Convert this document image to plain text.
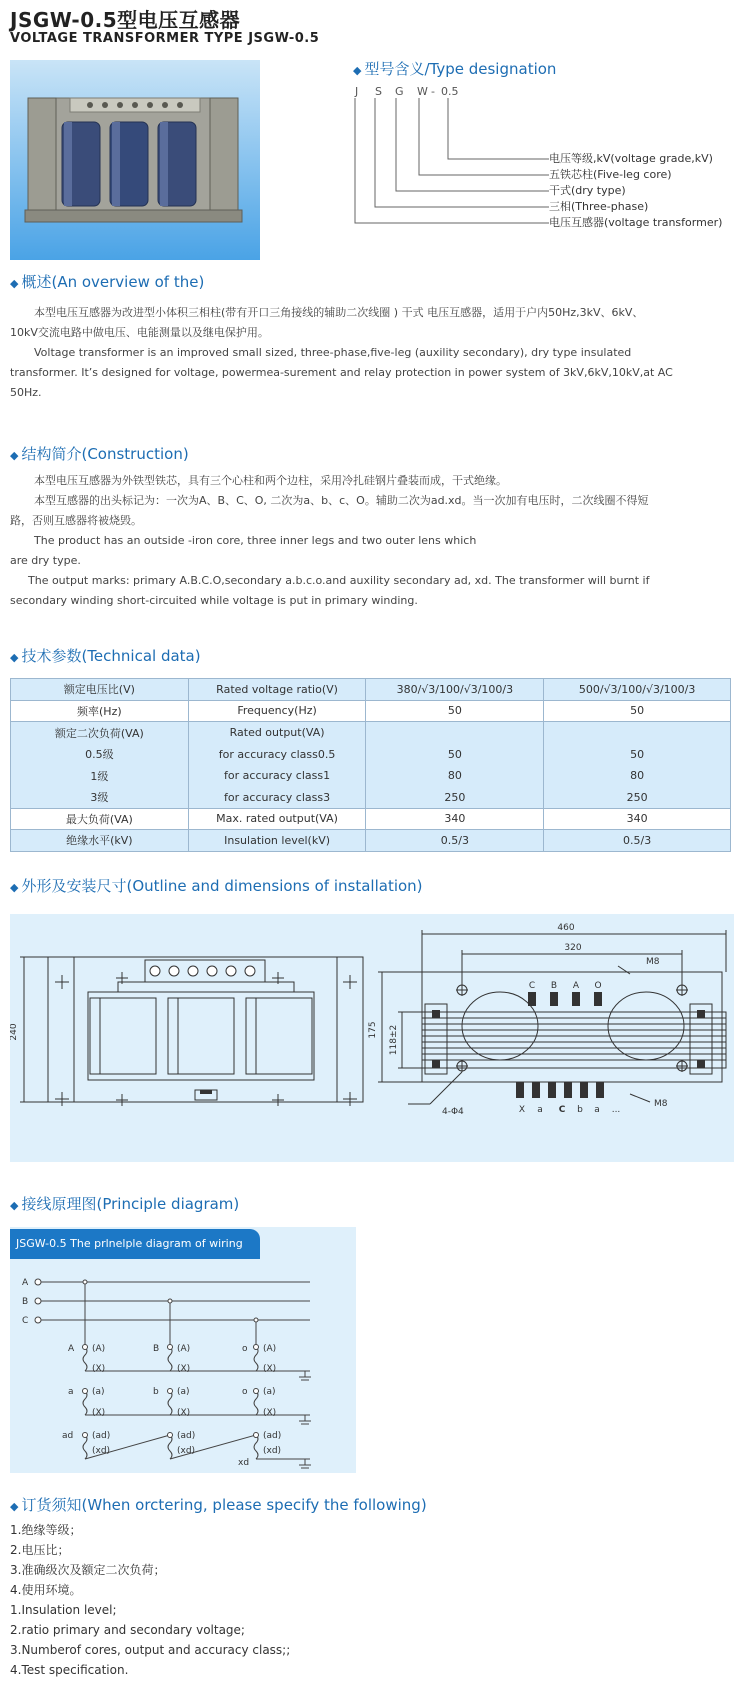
JSGW-0.5型电压互感器
VOLTAGE TRANSFORMER TYPE JSGW-0.5
◆ 型号含义/Type designation
J S G W - 0.5
电压等级,kV(voltage grade,kV)
五铁芯柱(Five-leg core)
干式(dry type)
三相(Three-phase)
电压互感器(voltage transformer)
◆ 概述(An overview of the)
本型电压互感器为改进型小体积三相柱(带有开口三角接线的辅助二次线圈 ) 干式 电压互感器，适用于户内50Hz,3kV、6kV、
10kV交流电路中做电压、电能测量以及继电保护用。
Voltage transformer is an improved small sized, three-phase,five-leg (auxility secondary), dry type insulated
transformer. It’s designed for voltage, powermea-surement and relay protection in power system of 3kV,6kV,10kV,at AC
50Hz.
◆ 结构简介(Construction)
本型电压互感器为外铁型铁芯，具有三个心柱和两个边柱，采用冷扎硅钢片叠装而成，干式绝缘。
本型互感器的出头标记为：一次为A、B、C、O, 二次为a、b、c、O。辅助二次为ad.xd。当一次加有电压时，二次线圈不得短
路，否则互感器将被烧毁。
The product has an outside -iron core, three inner legs and two outer lens which
are dry type.
The output marks: primary A.B.C.O,secondary a.b.c.o.and auxility secondary ad, xd. The transformer will burnt if
secondary winding short-circuited while voltage is put in primary winding.
◆ 技术参数(Technical data)
额定电压比(V)	Rated voltage ratio(V)	380/√3/100/√3/100/3	500/√3/100/√3/100/3
频率(Hz)	Frequency(Hz)	50	50
额定二次负荷(VA)	Rated output(VA)		
0.5级	for accuracy class0.5	50	50
1级	for accuracy class1	80	80
3级	for accuracy class3	250	250
最大负荷(VA)	Max. rated output(VA)	340	340
绝缘水平(kV)	Insulation level(kV)	0.5/3	0.5/3
◆ 外形及安装尺寸(Outline and dimensions of installation)
460
320
240	175 118±2
M8
M8
4-Φ4
C B A O
X a C b a ...
◆ 接线原理图(Principle diagram)
A
B
C
A	B	o
(A)	(A)	(A)
(X)	(X)	(X)
a	b	o
(a)	(a)	(a)
(X)	(X)	(X)
ad (ad)	(ad)	(ad)
(xd)	(xd)	(xd)
xd
JSGW-0.5 The prlnelple diagram of wiring
◆ 订货须知(When orctering, please specify the following)
1.绝缘等级；
2.电压比；
3.准确级次及额定二次负荷；
4.使用环境。
1.Insulation level;
2.ratio primary and secondary voltage;
3.Numberof cores, output and accuracy class;;
4.Test specification.
